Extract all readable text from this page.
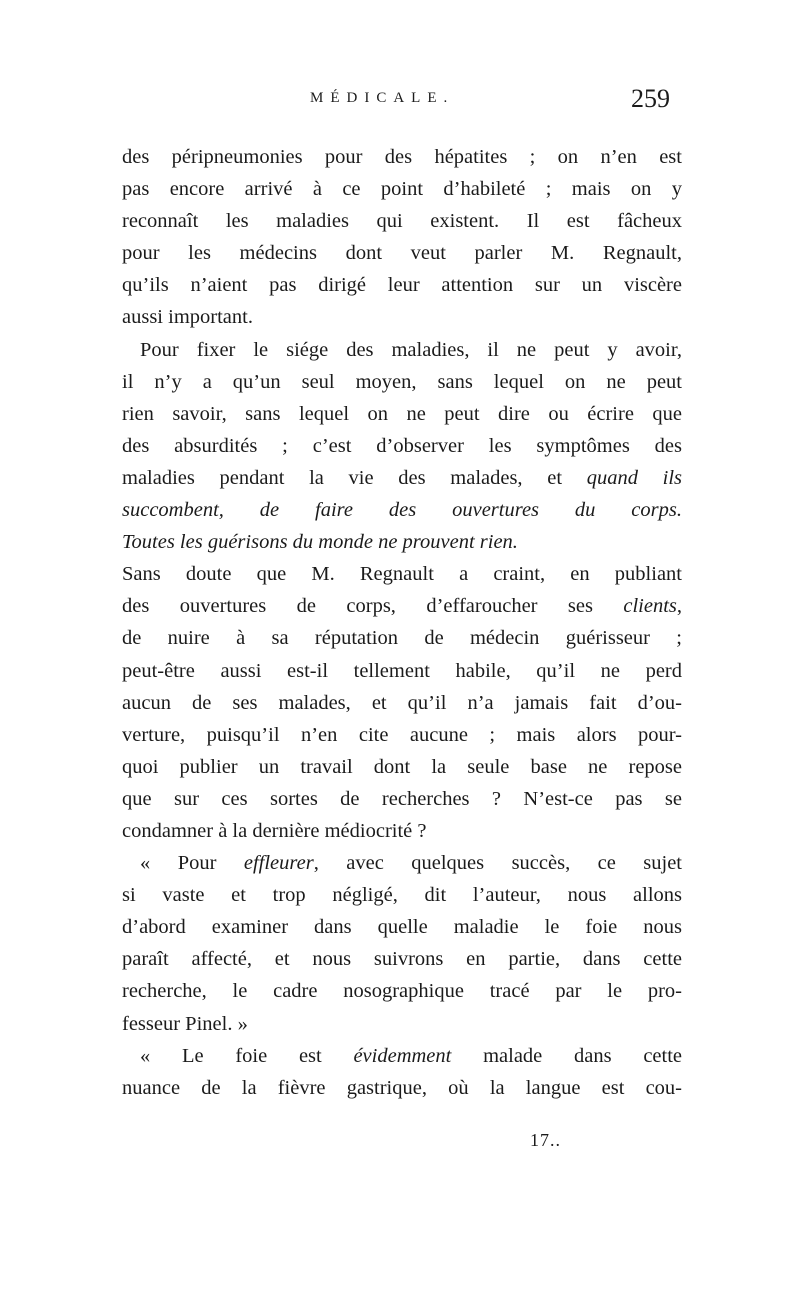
MÉDICALE.	259
des péripneumonies pour des hépatites ; on n’en est
pas encore arrivé à ce point d’habileté ; mais on y
reconnaît les maladies qui existent. Il est fâcheux
pour les médecins dont veut parler M. Regnault,
qu’ils n’aient pas dirigé leur attention sur un viscère
aussi important.
Pour fixer le siége des maladies, il ne peut y avoir,
il n’y a qu’un seul moyen, sans lequel on ne peut
rien savoir, sans lequel on ne peut dire ou écrire que
des absurdités ; c’est d’observer les symptômes des
maladies pendant la vie des malades, et quand ils
succombent, de faire des ouvertures du corps.
Toutes les guérisons du monde ne prouvent rien.
Sans doute que M. Regnault a craint, en publiant
des ouvertures de corps, d’effaroucher ses clients,
de nuire à sa réputation de médecin guérisseur ;
peut-être aussi est-il tellement habile, qu’il ne perd
aucun de ses malades, et qu’il n’a jamais fait d’ou-
verture, puisqu’il n’en cite aucune ; mais alors pour-
quoi publier un travail dont la seule base ne repose
que sur ces sortes de recherches ? N’est-ce pas se
condamner à la dernière médiocrité ?
« Pour effleurer, avec quelques succès, ce sujet
si vaste et trop négligé, dit l’auteur, nous allons
d’abord examiner dans quelle maladie le foie nous
paraît affecté, et nous suivrons en partie, dans cette
recherche, le cadre nosographique tracé par le pro-
fesseur Pinel. »
« Le foie est évidemment malade dans cette
nuance de la fièvre gastrique, où la langue est cou-
17..
